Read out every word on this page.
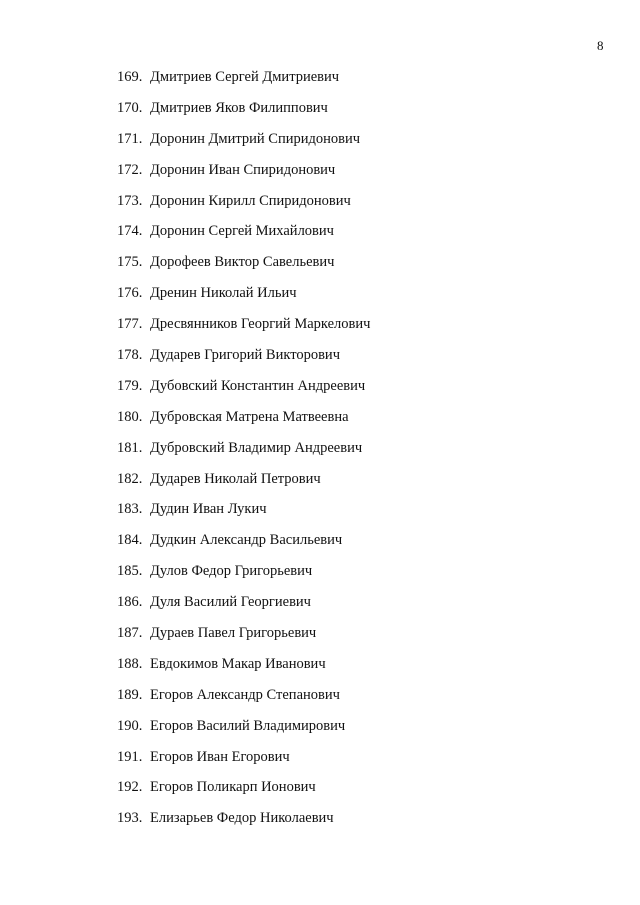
8
169. Дмитриев Сергей Дмитриевич
170. Дмитриев Яков Филиппович
171. Доронин Дмитрий Спиридонович
172. Доронин Иван Спиридонович
173. Доронин Кирилл Спиридонович
174. Доронин Сергей Михайлович
175. Дорофеев Виктор Савельевич
176. Дренин Николай Ильич
177. Дресвянников Георгий Маркелович
178. Дударев Григорий Викторович
179. Дубовский Константин Андреевич
180. Дубровская Матрена Матвеевна
181. Дубровский Владимир Андреевич
182. Дударев Николай Петрович
183. Дудин Иван Лукич
184. Дудкин Александр Васильевич
185. Дулов Федор Григорьевич
186. Дуля Василий Георгиевич
187. Дураев Павел Григорьевич
188. Евдокимов Макар Иванович
189. Егоров Александр Степанович
190. Егоров Василий Владимирович
191. Егоров Иван Егорович
192. Егоров Поликарп Ионович
193. Елизарьев Федор Николаевич
